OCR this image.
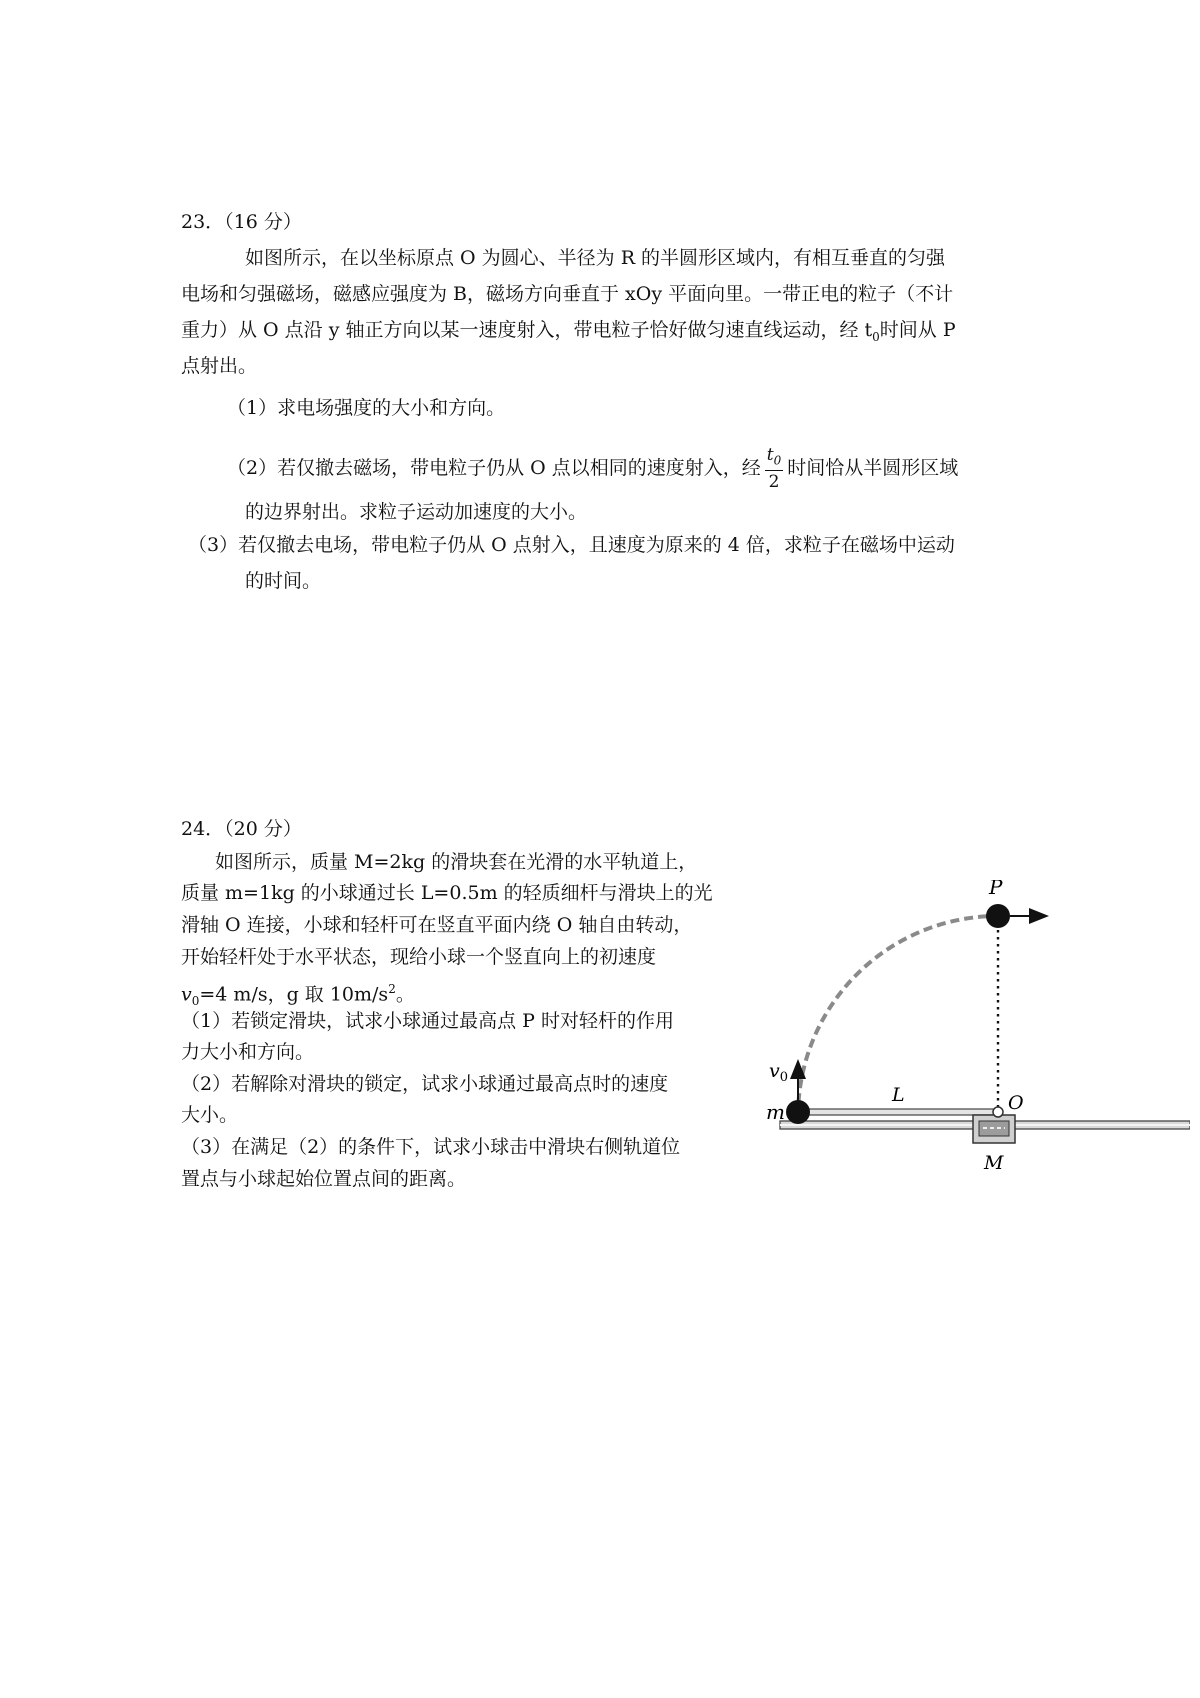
23．（16 分）
如图所示，在以坐标原点 O 为圆心、半径为 R 的半圆形区域内，有相互垂直的匀强
电场和匀强磁场，磁感应强度为 B，磁场方向垂直于 xOy 平面向里。一带正电的粒子（不计
重力）从 O 点沿 y 轴正方向以某一速度射入，带电粒子恰好做匀速直线运动，经 $t_0$时间从 P
点射出。
（1）求电场强度的大小和方向。
（2）若仅撤去磁场，带电粒子仍从 O 点以相同的速度射入，经 $\frac{t_0}{2}$ 时间恰从半圆形区域
的边界射出。求粒子运动加速度的大小。
（3）若仅撤去电场，带电粒子仍从 O 点射入，且速度为原来的 4 倍，求粒子在磁场中运动
的时间。
24．（20 分）
如图所示，质量 M=2kg 的滑块套在光滑的水平轨道上，
质量 m=1kg 的小球通过长 L=0.5m 的轻质细杆与滑块上的光
滑轴 O 连接，小球和轻杆可在竖直平面内绕 O 轴自由转动，
开始轻杆处于水平状态，现给小球一个竖直向上的初速度
$v_0=4$ m/s，g 取 $10m/s^2$。
（1）若锁定滑块，试求小球通过最高点 P 时对轻杆的作用
力大小和方向。
（2）若解除对滑块的锁定，试求小球通过最高点时的速度
大小。
（3）在满足（2）的条件下，试求小球击中滑块右侧轨道位
置点与小球起始位置点间的距离。
P
$v_0$
m
L	O
M
